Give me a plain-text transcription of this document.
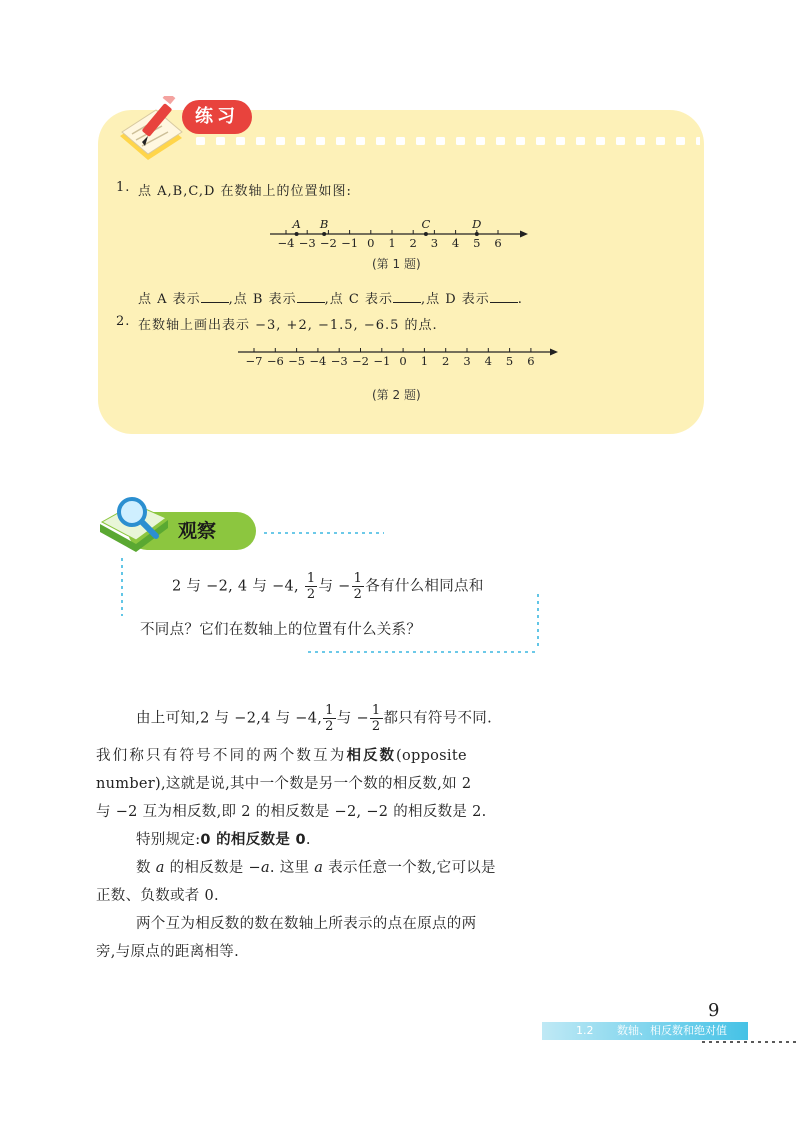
练习
1. 点 A,B,C,D 在数轴上的位置如图:
−4 −3 −2 −1 0 1 2 3 4 5 6
A B	C	D
(第 1 题)
点 A 表示 ,点 B 表示 ,点 C 表示 ,点 D 表示 .
2. 在数轴上画出表示 −3, +2, −1.5, −6.5 的点.
−7 −6 −5 −4 −3 −2 −1 0 1 2 3 4 5 6
(第 2 题)
观察
2 与 −2, 4 与 −4, $\frac{1}{2}$ 与 − $\frac{1}{2}$ 各有什么相同点和
不同点？它们在数轴上的位置有什么关系？
由上可知,2 与 −2,4 与 −4, $\frac{1}{2}$ 与 − $\frac{1}{2}$ 都只有符号不同.
我们称只有符号不同的两个数互为相反数(opposite
number),这就是说,其中一个数是另一个数的相反数,如 2
与 −2 互为相反数,即 2 的相反数是 −2, −2 的相反数是 2.
特别规定:0 的相反数是 0.
数 a 的相反数是 −a. 这里 a 表示任意一个数,它可以是
正数、负数或者 0.
两个互为相反数的数在数轴上所表示的点在原点的两
旁,与原点的距离相等.
9
1.2 数轴、相反数和绝对值
